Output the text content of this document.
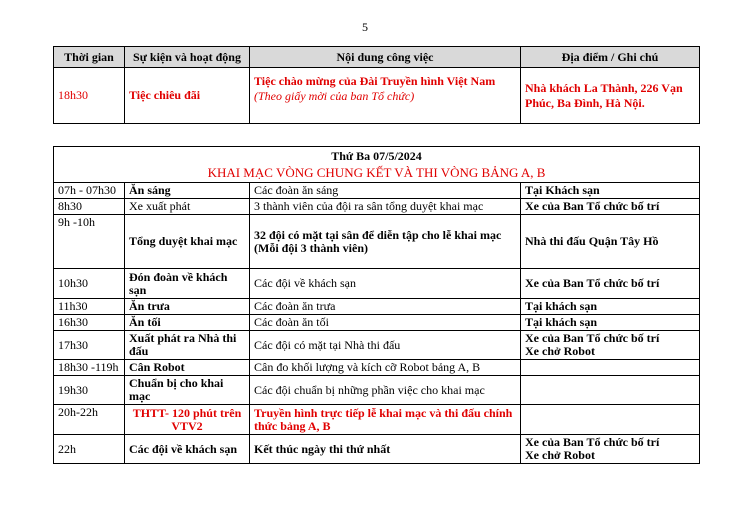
5
Thời gian	Sự kiện và hoạt động	Nội dung công việc	Địa điểm / Ghi chú
18h30	Tiệc chiêu đãi	Tiệc chào mừng của Đài Truyền hình Việt Nam
(Theo giấy mời của ban Tổ chức)	Nhà khách La Thành, 226 Vạn Phúc, Ba Đình, Hà Nội.
Thứ Ba 07/5/2024
KHAI MẠC VÒNG CHUNG KẾT VÀ THI VÒNG BẢNG A, B			

07h - 07h30	Ăn sáng	Các đoàn ăn sáng	Tại Khách sạn
8h30	Xe xuất phát	3 thành viên của đội ra sân tổng duyệt khai mạc	Xe của Ban Tổ chức bố trí
9h -10h	Tổng duyệt khai mạc	32 đội có mặt tại sân để diễn tập cho lễ khai mạc (Mỗi đội 3 thành viên)	Nhà thi đấu Quận Tây Hồ
10h30	Đón đoàn về khách sạn	Các đội về khách sạn	Xe của Ban Tổ chức bố trí
11h30	Ăn trưa	Các đoàn ăn trưa	Tại khách sạn
16h30	Ăn tối	Các đoàn ăn tối	Tại khách sạn
17h30	Xuất phát ra Nhà thi đấu	Các đội có mặt tại Nhà thi đấu	Xe của Ban Tổ chức bố trí
Xe chở Robot

18h30 -119h	Cân Robot	Cân đo khối lượng và kích cỡ Robot bảng A, B	
19h30	Chuẩn bị cho khai mạc	Các đội chuẩn bị những phần việc cho khai mạc	
20h-22h	THTT- 120 phút trên VTV2	Truyền hình trực tiếp lễ khai mạc và thi đấu chính thức bảng A, B	
22h	Các đội về khách sạn	Kết thúc ngày thi thứ nhất	Xe của Ban Tổ chức bố trí
Xe chở Robot
